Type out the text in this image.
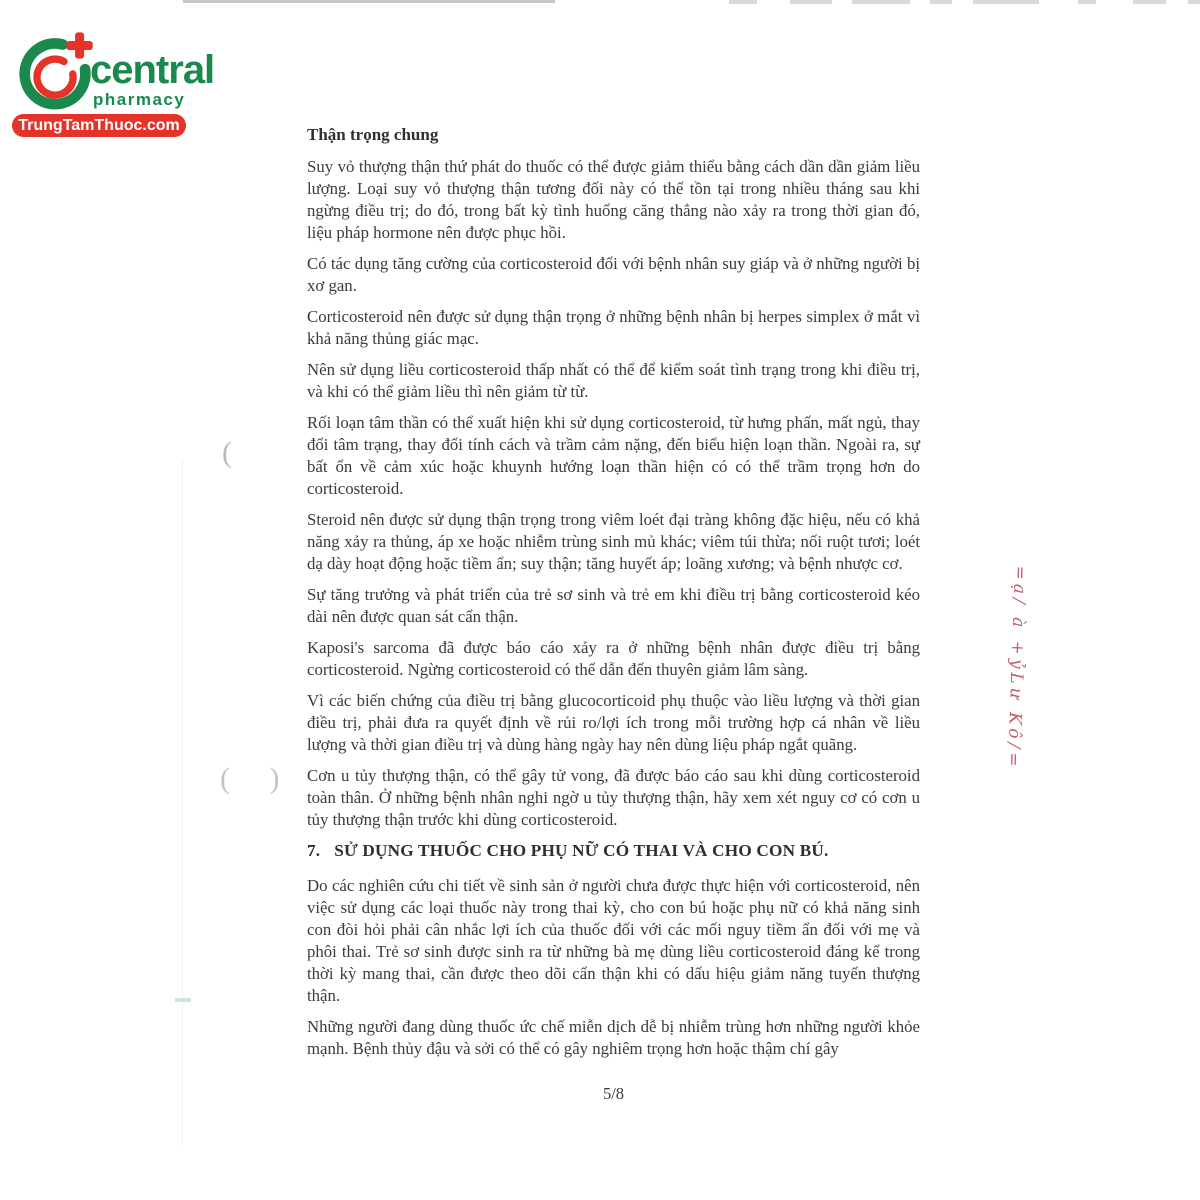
(
( )
central
pharmacy
TrungTamThuoc.com	Thận trọng chung

Suy vỏ thượng thận thứ phát do thuốc có thể được giảm thiểu bằng cách dần dần giảm liều lượng. Loại suy vỏ thượng thận tương đối này có thể tồn tại trong nhiều tháng sau khi ngừng điều trị; do đó, trong bất kỳ tình huống căng thẳng nào xảy ra trong thời gian đó, liệu pháp hormone nên được phục hồi.

Có tác dụng tăng cường của corticosteroid đối với bệnh nhân suy giáp và ở những người bị xơ gan.

Corticosteroid nên được sử dụng thận trọng ở những bệnh nhân bị herpes simplex ở mắt vì khả năng thủng giác mạc.

Nên sử dụng liều corticosteroid thấp nhất có thể để kiểm soát tình trạng trong khi điều trị, và khi có thể giảm liều thì nên giảm từ từ.

Rối loạn tâm thần có thể xuất hiện khi sử dụng corticosteroid, từ hưng phấn, mất ngủ, thay đổi tâm trạng, thay đổi tính cách và trầm cảm nặng, đến biểu hiện loạn thần. Ngoài ra, sự bất ổn về cảm xúc hoặc khuynh hướng loạn thần hiện có có thể trầm trọng hơn do corticosteroid.

Steroid nên được sử dụng thận trọng trong viêm loét đại tràng không đặc hiệu, nếu có khả năng xảy ra thủng, áp xe hoặc nhiễm trùng sinh mủ khác; viêm túi thừa; nối ruột tươi; loét dạ dày hoạt động hoặc tiềm ẩn; suy thận; tăng huyết áp; loãng xương; và bệnh nhược cơ.

Sự tăng trưởng và phát triển của trẻ sơ sinh và trẻ em khi điều trị bằng corticosteroid kéo dài nên được quan sát cẩn thận.

Kaposi's sarcoma đã được báo cáo xảy ra ở những bệnh nhân được điều trị bằng corticosteroid. Ngừng corticosteroid có thể dẫn đến thuyên giảm lâm sàng.

Vì các biến chứng của điều trị bằng glucocorticoid phụ thuộc vào liều lượng và thời gian điều trị, phải đưa ra quyết định về rủi ro/lợi ích trong mỗi trường hợp cá nhân về liều lượng và thời gian điều trị và dùng hàng ngày hay nên dùng liệu pháp ngắt quãng.

Cơn u tủy thượng thận, có thể gây tử vong, đã được báo cáo sau khi dùng corticosteroid toàn thân. Ở những bệnh nhân nghi ngờ u tủy thượng thận, hãy xem xét nguy cơ có cơn u tủy thượng thận trước khi dùng corticosteroid.

7. SỬ DỤNG THUỐC CHO PHỤ NỮ CÓ THAI VÀ CHO CON BÚ.

Do các nghiên cứu chi tiết về sinh sản ở người chưa được thực hiện với corticosteroid, nên việc sử dụng các loại thuốc này trong thai kỳ, cho con bú hoặc phụ nữ có khả năng sinh con đòi hỏi phải cân nhắc lợi ích của thuốc đối với các mối nguy tiềm ẩn đối với mẹ và phôi thai. Trẻ sơ sinh được sinh ra từ những bà mẹ dùng liều corticosteroid đáng kể trong thời kỳ mang thai, cần được theo dõi cẩn thận khi có dấu hiệu giảm năng tuyến thượng thận.

Những người đang dùng thuốc ức chế miễn dịch dễ bị nhiễm trùng hơn những người khỏe mạnh. Bệnh thủy đậu và sởi có thể có gây nghiêm trọng hơn hoặc thậm chí gây

5/8
=ạ/ à +ỷLư Kô/=
